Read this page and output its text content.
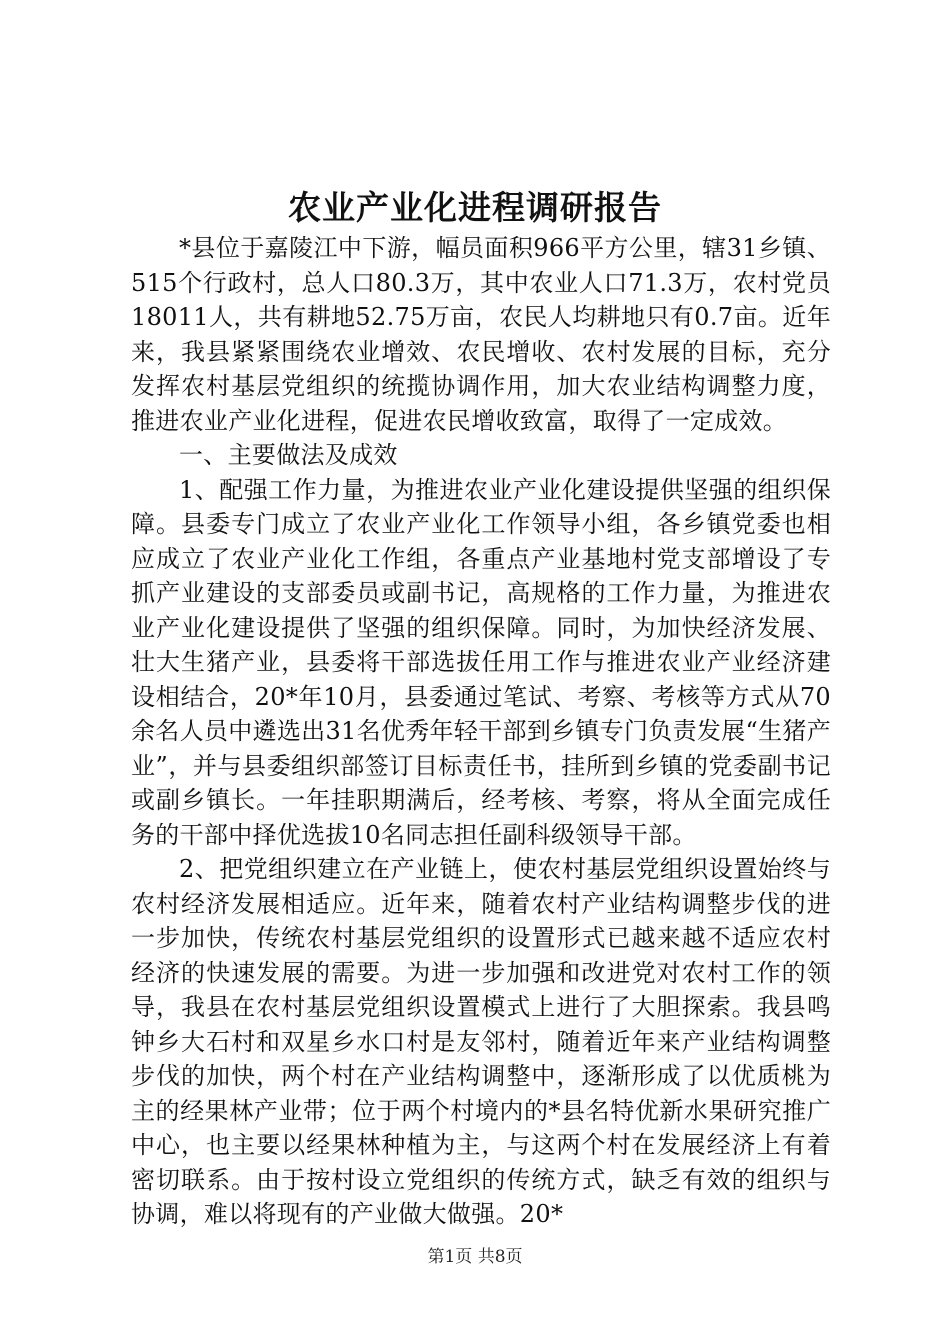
农业产业化进程调研报告

*县位于嘉陵江中下游，幅员面积966平方公里，辖31乡镇、515个行政村，总人口80.3万，其中农业人口71.3万，农村党员18011人，共有耕地52.75万亩，农民人均耕地只有0.7亩。近年来，我县紧紧围绕农业增效、农民增收、农村发展的目标，充分发挥农村基层党组织的统揽协调作用，加大农业结构调整力度，推进农业产业化进程，促进农民增收致富，取得了一定成效。

一、主要做法及成效

1、配强工作力量，为推进农业产业化建设提供坚强的组织保障。县委专门成立了农业产业化工作领导小组，各乡镇党委也相应成立了农业产业化工作组，各重点产业基地村党支部增设了专抓产业建设的支部委员或副书记，高规格的工作力量，为推进农业产业化建设提供了坚强的组织保障。同时，为加快经济发展、壮大生猪产业，县委将干部选拔任用工作与推进农业产业经济建设相结合，20*年10月，县委通过笔试、考察、考核等方式从70余名人员中遴选出31名优秀年轻干部到乡镇专门负责发展“生猪产业”，并与县委组织部签订目标责任书，挂所到乡镇的党委副书记或副乡镇长。一年挂职期满后，经考核、考察，将从全面完成任务的干部中择优选拔10名同志担任副科级领导干部。

2、把党组织建立在产业链上，使农村基层党组织设置始终与农村经济发展相适应。近年来，随着农村产业结构调整步伐的进一步加快，传统农村基层党组织的设置形式已越来越不适应农村经济的快速发展的需要。为进一步加强和改进党对农村工作的领导，我县在农村基层党组织设置模式上进行了大胆探索。我县鸣钟乡大石村和双星乡水口村是友邻村，随着近年来产业结构调整步伐的加快，两个村在产业结构调整中，逐渐形成了以优质桃为主的经果林产业带；位于两个村境内的*县名特优新水果研究推广中心，也主要以经果林种植为主，与这两个村在发展经济上有着密切联系。由于按村设立党组织的传统方式，缺乏有效的组织与协调，难以将现有的产业做大做强。20*

第1页 共8页
